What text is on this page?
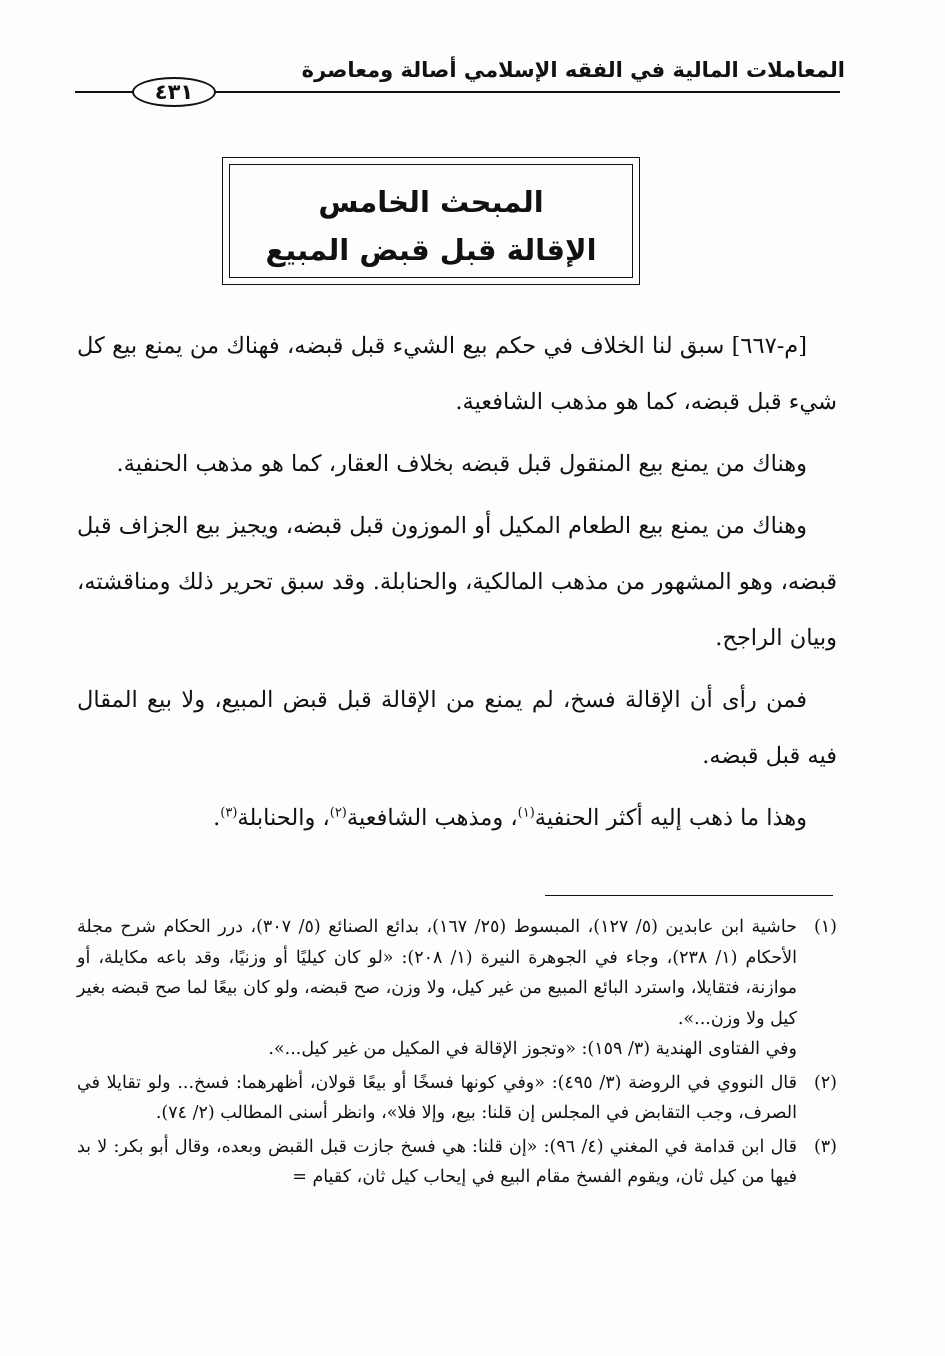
المعاملات المالية في الفقه الإسلامي أصالة ومعاصرة
٤٣١
المبحث الخامس
الإقالة قبل قبض المبيع

[م-٦٦٧] سبق لنا الخلاف في حكم بيع الشيء قبل قبضه، فهناك من يمنع بيع كل شيء قبل قبضه، كما هو مذهب الشافعية.

وهناك من يمنع بيع المنقول قبل قبضه بخلاف العقار، كما هو مذهب الحنفية.

وهناك من يمنع بيع الطعام المكيل أو الموزون قبل قبضه، ويجيز بيع الجزاف قبل قبضه، وهو المشهور من مذهب المالكية، والحنابلة. وقد سبق تحرير ذلك ومناقشته، وبيان الراجح.

فمن رأى أن الإقالة فسخ، لم يمنع من الإقالة قبل قبض المبيع، ولا بيع المقال فيه قبل قبضه.

وهذا ما ذهب إليه أكثر الحنفية$^{(١)}$، ومذهب الشافعية$^{(٢)}$، والحنابلة$^{(٣)}$.

(١)
حاشية ابن عابدين (٥/ ١٢٧)، المبسوط (٢٥/ ١٦٧)، بدائع الصنائع (٥/ ٣٠٧)، درر الحكام شرح مجلة الأحكام (١/ ٢٣٨)، وجاء في الجوهرة النيرة (١/ ٢٠٨): «لو كان كيليًا أو وزنيًا، وقد باعه مكايلة، أو موازنة، فتقايلا، واسترد البائع المبيع من غير كيل، ولا وزن، صح قبضه، ولو كان بيعًا لما صح قبضه بغير كيل ولا وزن...».
وفي الفتاوى الهندية (٣/ ١٥٩): «وتجوز الإقالة في المكيل من غير كيل...».
(٢)
قال النووي في الروضة (٣/ ٤٩٥): «وفي كونها فسخًا أو بيعًا قولان، أظهرهما: فسخ... ولو تقايلا في الصرف، وجب التقابض في المجلس إن قلنا: بيع، وإلا فلا»، وانظر أسنى المطالب (٢/ ٧٤).
(٣)
قال ابن قدامة في المغني (٤/ ٩٦): «إن قلنا: هي فسخ جازت قبل القبض وبعده، وقال أبو بكر: لا بد فيها من كيل ثان، ويقوم الفسخ مقام البيع في إيحاب كيل ثان، كقيام =
